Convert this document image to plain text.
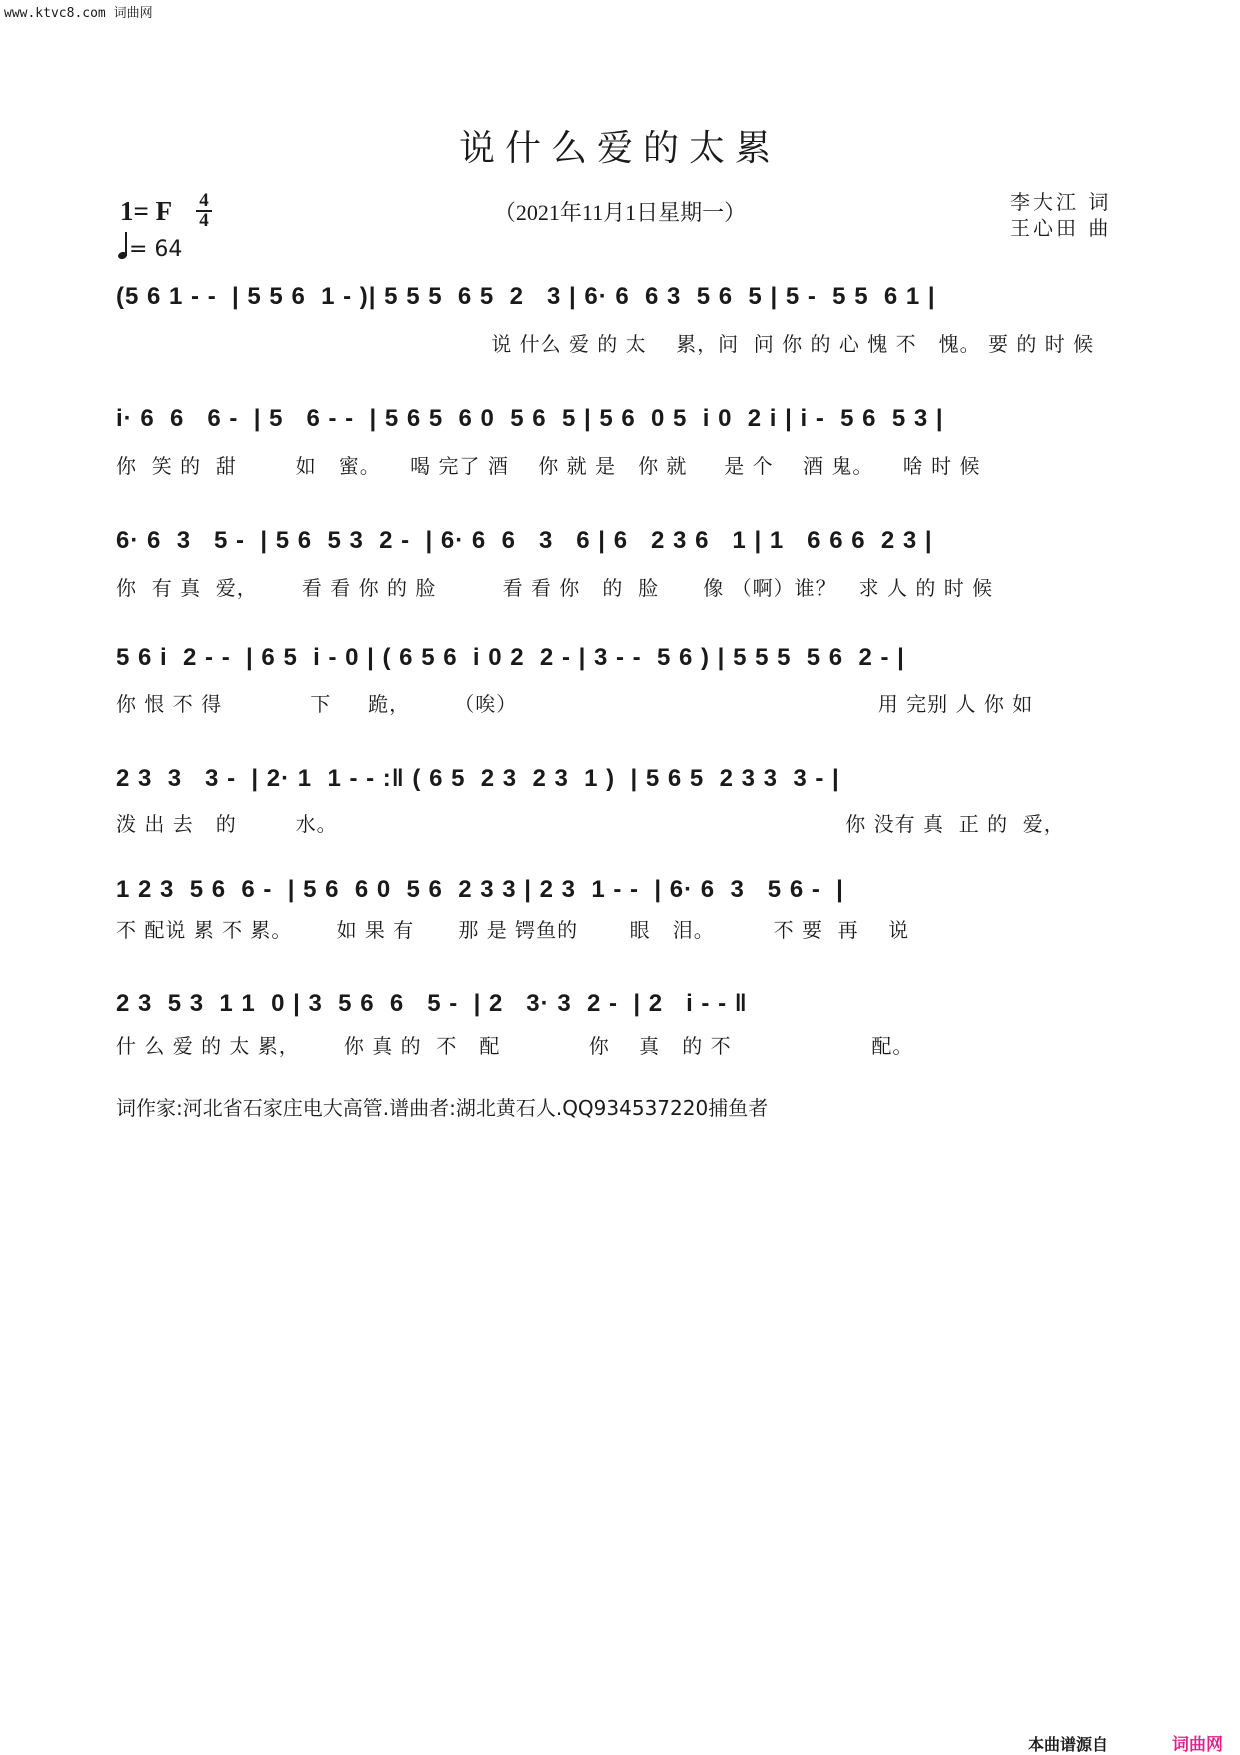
www.ktvc8.com 词曲网
说什么爱的太累
1= F 4
4
= 64
（2021年11月1日星期一）	李大江 词
王心田 曲
(5 6 1 - -  | 5 5 6  1 - )| 5 5 5  6 5  2   3 | 6· 6  6 3  5 6  5 | 5 -  5 5  6 1 |
说 什么 爱 的 太    累，问  问 你 的 心 愧 不   愧。 要 的 时 候
i· 6  6   6 -  | 5   6 - -  | 5 6 5  6 0  5 6  5 | 5 6  0 5  i 0  2 i | i -  5 6  5 3 |
你  笑 的  甜        如   蜜。    喝 完了 酒    你 就 是   你 就     是 个    酒 鬼。    啥 时 候
6· 6  3   5 -  | 5 6  5 3  2 -  | 6· 6  6   3   6 | 6   2 3 6   1 | 1   6 6 6  2 3 |
你  有 真  爱，      看 看 你 的 脸         看 看 你   的  脸      像 （啊）谁？   求 人 的 时 候
5 6 i  2 - -  | 6 5  i - 0 | ( 6 5 6  i 0 2  2 - | 3 - -  5 6 ) | 5 5 5  5 6  2 - |
你 恨 不 得            下     跪，      （唉）                                                 用 完别 人 你 如
2 3  3   3 -  | 2· 1  1 - - :‖ ( 6 5  2 3  2 3  1 )  | 5 6 5  2 3 3  3 - |
泼 出 去   的        水。                                                                     你 没有 真  正 的  爱，
1 2 3  5 6  6 -  | 5 6  6 0  5 6  2 3 3 | 2 3  1 - -  | 6· 6  3   5 6 -  |
不 配说 累 不 累。      如 果 有      那 是 锷鱼的       眼   泪。        不 要  再    说
2 3  5 3  1 1  0 | 3  5 6  6   5 -  | 2   3· 3  2 -  | 2   i - - ‖
什 么 爱 的 太 累，      你 真 的  不   配            你    真   的 不                   配。
词作家:河北省石家庄电大高管.谱曲者:湖北黄石人.QQ934537220捕鱼者
本曲谱源自	词曲网
